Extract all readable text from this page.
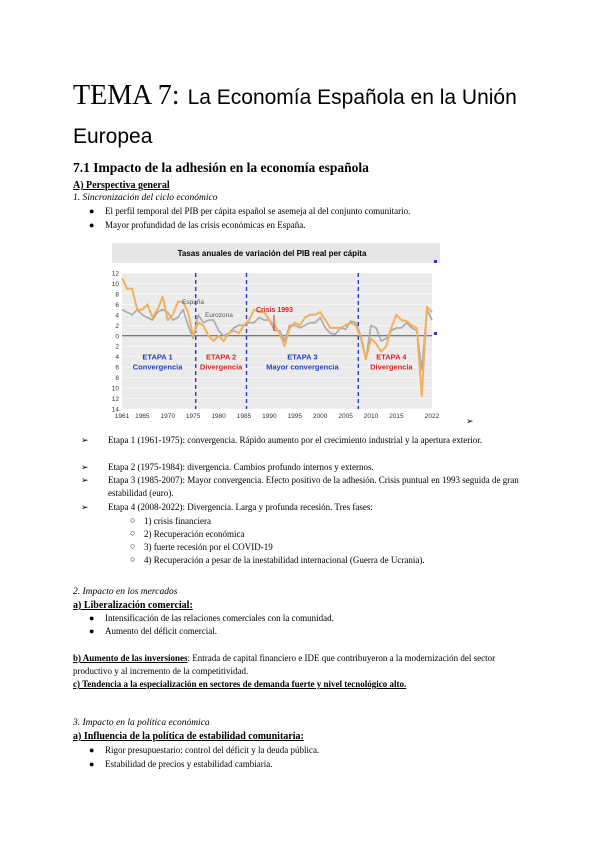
TEMA 7: La Economía Española en la Unión Europea
7.1 Impacto de la adhesión en la economía española

A) Perspectiva general

1. Sincronización del ciclo económico

● El perfil temporal del PIB per cápita español se asemeja al del conjunto comunitario.

● Mayor profundidad de las crisis económicas en España.

Tasas anuales de variación del PIB real per cápita
12
10
8
6
4
2
0
2
4
6
8
10
12
14
1961 1965 1970 1975 1980 1985 1990 1995 2000 2005 2010 2015	2022
ETAPA 1
Convergencia
ETAPA 2
Divergencia
ETAPA 3
Mayor convergencia
ETAPA 4
Divergencia
España
Eurozona
Crisis 1993
➢

➢ Etapa 1 (1961-1975): convergencia. Rápido aumento por el crecimiento industrial y la apertura exterior.

➢ Etapa 2 (1975-1984): divergencia. Cambios profundo internos y externos.

➢ Etapa 3 (1985-2007): Mayor convergencia. Efecto positivo de la adhesión. Crisis puntual en 1993 seguida de gran estabilidad (euro).

➢ Etapa 4 (2008-2022): Divergencia. Larga y profunda recesión. Tres fases:

○ 1) crisis financiera

○ 2) Recuperación económica

○ 3) fuerte recesión por el COVID-19

○ 4) Recuperación a pesar de la inestabilidad internacional (Guerra de Ucrania).

2. Impacto en los mercados

a) Liberalización comercial:

● Intensificación de las relaciones comerciales con la comunidad.

● Aumento del déficit comercial.

b) Aumento de las inversiones: Entrada de capital financiero e IDE que contribuyeron a la modernización del sector productivo y al incremento de la competitividad.

c) Tendencia a la especialización en sectores de demanda fuerte y nivel tecnológico alto.

3. Impacto en la política económica

a) Influencia de la política de estabilidad comunitaria:

● Rigor presupuestario: control del déficit y la deuda pública.

● Estabilidad de precios y estabilidad cambiaria.
